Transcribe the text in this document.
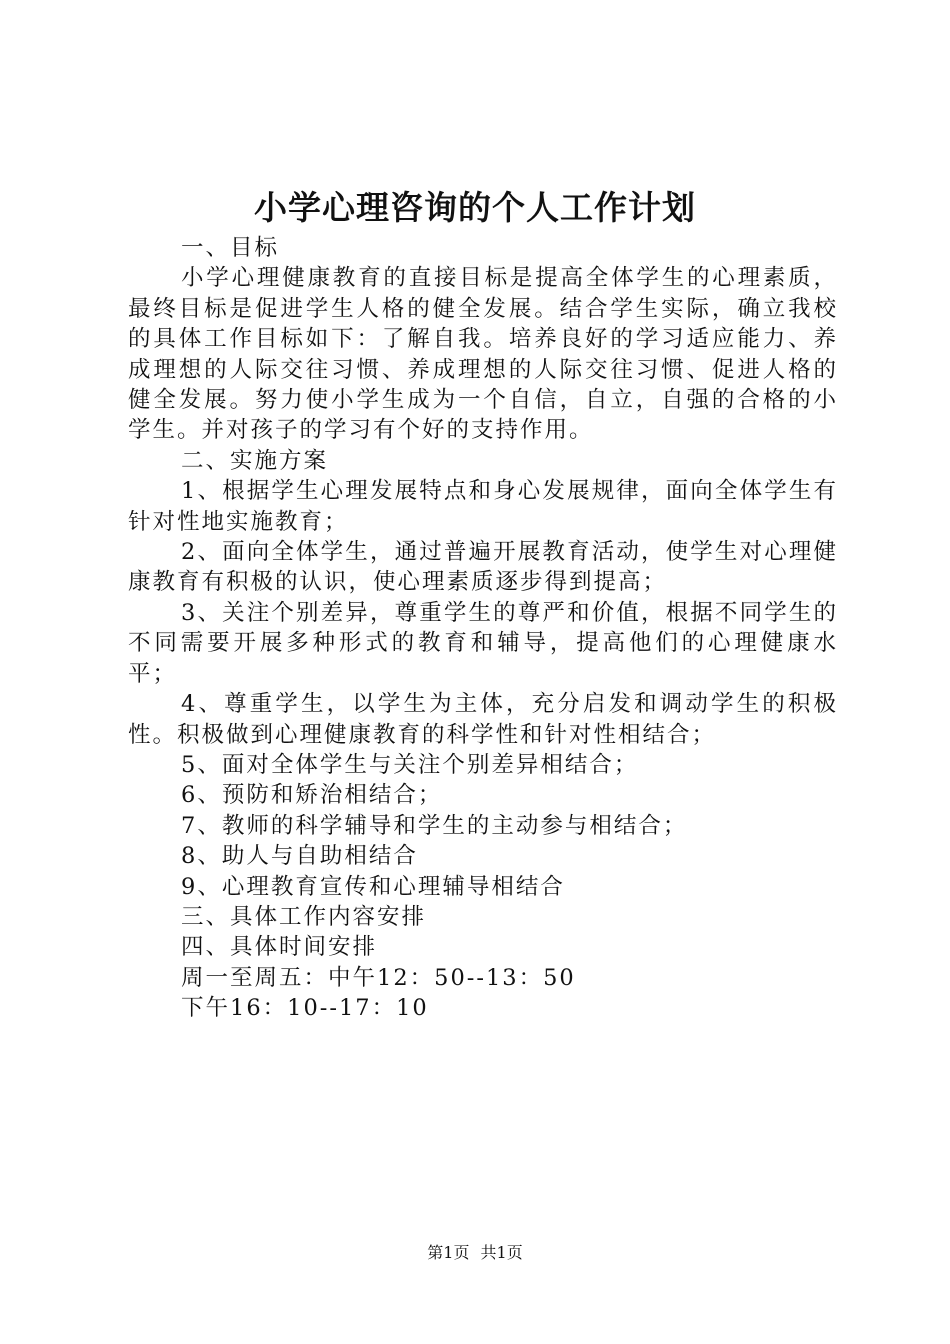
小学心理咨询的个人工作计划

一、目标

小学心理健康教育的直接目标是提高全体学生的心理素质，最终目标是促进学生人格的健全发展。结合学生实际，确立我校的具体工作目标如下：了解自我。培养良好的学习适应能力、养成理想的人际交往习惯、养成理想的人际交往习惯、促进人格的健全发展。努力使小学生成为一个自信，自立，自强的合格的小学生。并对孩子的学习有个好的支持作用。

二、实施方案

1、根据学生心理发展特点和身心发展规律，面向全体学生有针对性地实施教育；

2、面向全体学生，通过普遍开展教育活动，使学生对心理健康教育有积极的认识，使心理素质逐步得到提高；

3、关注个别差异，尊重学生的尊严和价值，根据不同学生的不同需要开展多种形式的教育和辅导，提高他们的心理健康水平；

4、尊重学生，以学生为主体，充分启发和调动学生的积极性。积极做到心理健康教育的科学性和针对性相结合；

5、面对全体学生与关注个别差异相结合；

6、预防和矫治相结合；

7、教师的科学辅导和学生的主动参与相结合；

8、助人与自助相结合

9、心理教育宣传和心理辅导相结合

三、具体工作内容安排

四、具体时间安排

周一至周五：中午12：50--13：50

下午16：10--17：10

第1页 共1页
